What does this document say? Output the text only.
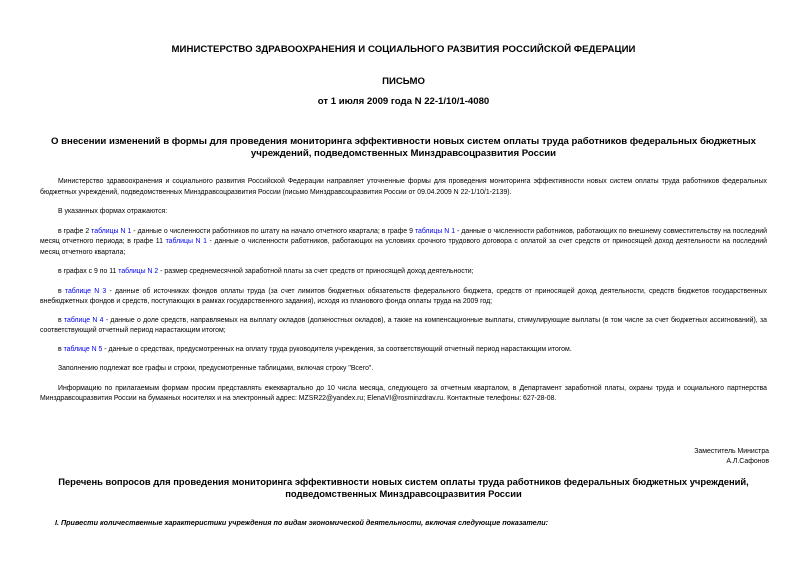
МИНИСТЕРСТВО ЗДРАВООХРАНЕНИЯ И СОЦИАЛЬНОГО РАЗВИТИЯ РОССИЙСКОЙ ФЕДЕРАЦИИ
ПИСЬМО
от 1 июля 2009 года N 22-1/10/1-4080
О внесении изменений в формы для проведения мониторинга эффективности новых систем оплаты труда работников федеральных бюджетных учреждений, подведомственных Минздравсоцразвития России

Министерство здравоохранения и социального развития Российской Федерации направляет уточненные формы для проведения мониторинга эффективности новых систем оплаты труда работников федеральных бюджетных учреждений, подведомственных Минздравсоцразвития России (письмо Минздравсоцразвития России от 09.04.2009 N 22-1/10/1-2139).

В указанных формах отражаются:

в графе 2 таблицы N 1 - данные о численности работников по штату на начало отчетного квартала; в графе 9 таблицы N 1 - данные о численности работников, работающих по внешнему совместительству на последний месяц отчетного периода; в графе 11 таблицы N 1 - данные о численности работников, работающих на условиях срочного трудового договора с оплатой за счет средств от приносящей доход деятельности на последний месяц отчетного квартала;

в графах с 9 по 11 таблицы N 2 - размер среднемесячной заработной платы за счет средств от приносящей доход деятельности;

в таблице N 3 - данные об источниках фондов оплаты труда (за счет лимитов бюджетных обязательств федерального бюджета, средств от приносящей доход деятельности, средств бюджетов государственных внебюджетных фондов и средств, поступающих в рамках государственного задания), исходя из планового фонда оплаты труда на 2009 год;

в таблице N 4 - данные о доле средств, направляемых на выплату окладов (должностных окладов), а также на компенсационные выплаты, стимулирующие выплаты (в том числе за счет бюджетных ассигнований), за соответствующий отчетный период нарастающим итогом;

в таблице N 5 - данные о средствах, предусмотренных на оплату труда руководителя учреждения, за соответствующий отчетный период нарастающим итогом.

Заполнению подлежат все графы и строки, предусмотренные таблицами, включая строку "Всего".

Информацию по прилагаемым формам просим представлять ежеквартально до 10 числа месяца, следующего за отчетным кварталом, в Департамент заработной платы, охраны труда и социального партнерства Минздравсоцразвития России на бумажных носителях и на электронный адрес: MZSR22@yandex.ru; ElenaVI@rosminzdrav.ru. Контактные телефоны: 627-28-08.

Заместитель Министра
А.Л.Сафонов
Перечень вопросов для проведения мониторинга эффективности новых систем оплаты труда работников федеральных бюджетных учреждений, подведомственных Минздравсоцразвития России
I. Привести количественные характеристики учреждения по видам экономической деятельности, включая следующие показатели:
